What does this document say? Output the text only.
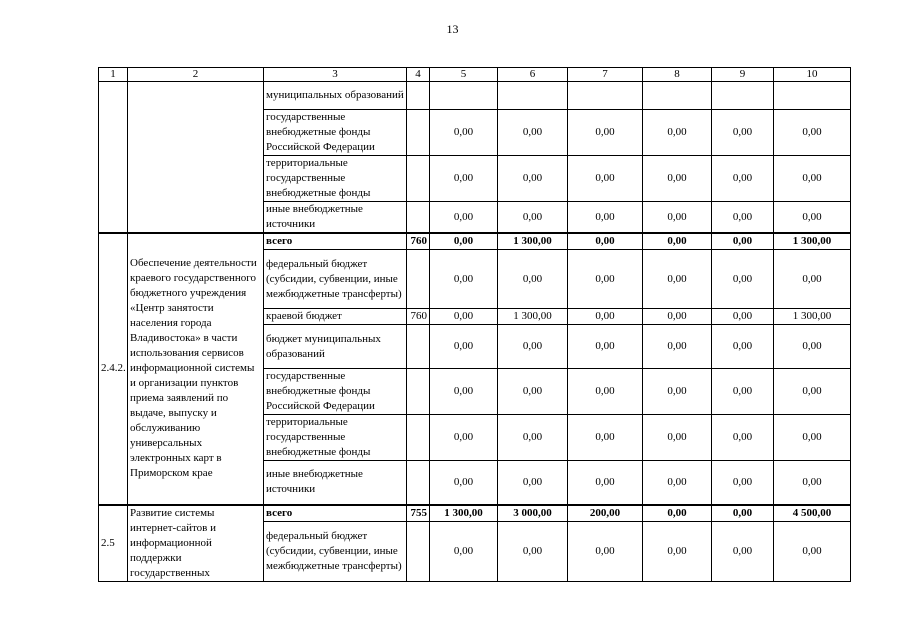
13
1	2	3	4	5	6	7	8	9	10
		муниципальных образований							
		государственные внебюджетные фонды Российской Федерации		0,00	0,00	0,00	0,00	0,00	0,00
		территориальные государственные внебюджетные фонды		0,00	0,00	0,00	0,00	0,00	0,00
		иные внебюджетные источники		0,00	0,00	0,00	0,00	0,00	0,00
2.4.2.	Обеспечение деятельности краевого государственного бюджетного учреждения «Центр занятости населения города Владивостока» в части использования сервисов информационной системы и организации пунктов приема заявлений по выдаче, выпуску и обслуживанию универсальных электронных карт в Приморском крае	всего	760	0,00	1 300,00	0,00	0,00	0,00	1 300,00
		федеральный бюджет (субсидии, субвенции, иные межбюджетные трансферты)		0,00	0,00	0,00	0,00	0,00	0,00
		краевой бюджет	760	0,00	1 300,00	0,00	0,00	0,00	1 300,00
		бюджет муниципальных образований		0,00	0,00	0,00	0,00	0,00	0,00
		государственные внебюджетные фонды Российской Федерации		0,00	0,00	0,00	0,00	0,00	0,00
		территориальные государственные внебюджетные фонды		0,00	0,00	0,00	0,00	0,00	0,00
		иные внебюджетные источники		0,00	0,00	0,00	0,00	0,00	0,00
2.5	Развитие системы интернет-сайтов и информационной поддержки государственных	всего	755	1 300,00	3 000,00	200,00	0,00	0,00	4 500,00
		федеральный бюджет (субсидии, субвенции, иные межбюджетные трансферты)		0,00	0,00	0,00	0,00	0,00	0,00
